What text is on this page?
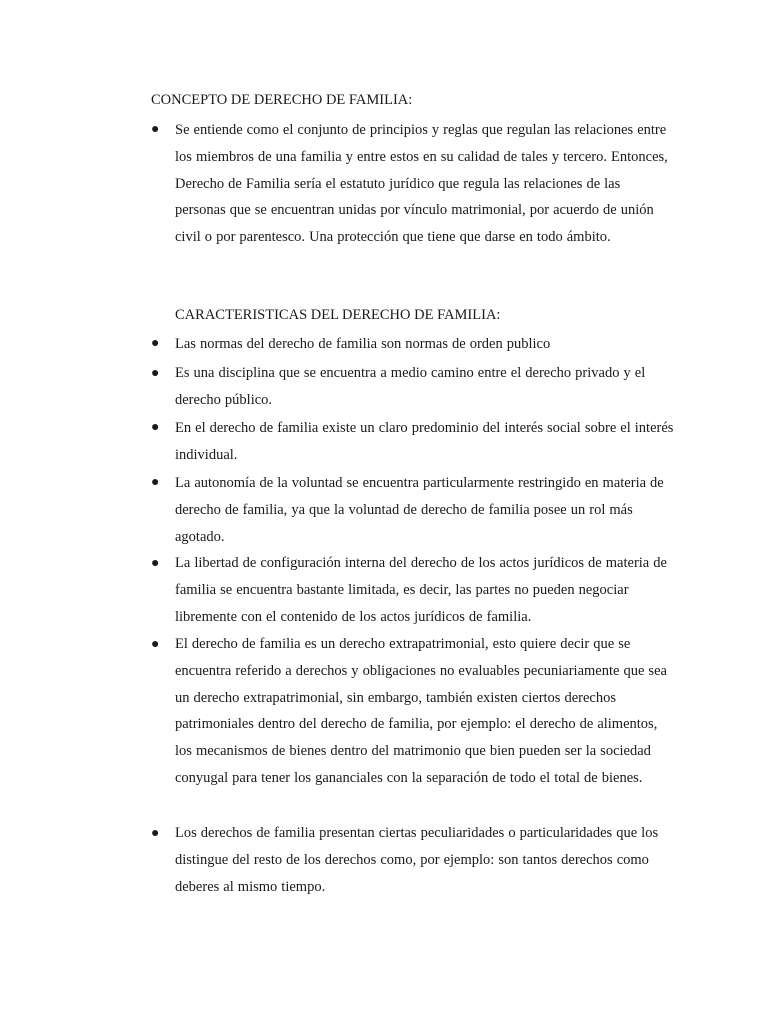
CONCEPTO DE DERECHO DE FAMILIA:
● Se entiende como el conjunto de principios y reglas que regulan las relaciones entre los miembros de una familia y entre estos en su calidad de tales y tercero. Entonces, Derecho de Familia sería el estatuto jurídico que regula las relaciones de las personas que se encuentran unidas por vínculo matrimonial, por acuerdo de unión civil o por parentesco. Una protección que tiene que darse en todo ámbito.
CARACTERISTICAS DEL DERECHO DE FAMILIA:
● Las normas del derecho de familia son normas de orden publico
● Es una disciplina que se encuentra a medio camino entre el derecho privado y el derecho público.
● En el derecho de familia existe un claro predominio del interés social sobre el interés individual.
● La autonomía de la voluntad se encuentra particularmente restringido en materia de derecho de familia, ya que la voluntad de derecho de familia posee un rol más agotado.
● La libertad de configuración interna del derecho de los actos jurídicos de materia de familia se encuentra bastante limitada, es decir, las partes no pueden negociar libremente con el contenido de los actos jurídicos de familia.
● El derecho de familia es un derecho extrapatrimonial, esto quiere decir que se encuentra referido a derechos y obligaciones no evaluables pecuniariamente que sea un derecho extrapatrimonial, sin embargo, también existen ciertos derechos patrimoniales dentro del derecho de familia, por ejemplo: el derecho de alimentos, los mecanismos de bienes dentro del matrimonio que bien pueden ser la sociedad conyugal para tener los gananciales con la separación de todo el total de bienes.
● Los derechos de familia presentan ciertas peculiaridades o particularidades que los distingue del resto de los derechos como, por ejemplo: son tantos derechos como deberes al mismo tiempo.
